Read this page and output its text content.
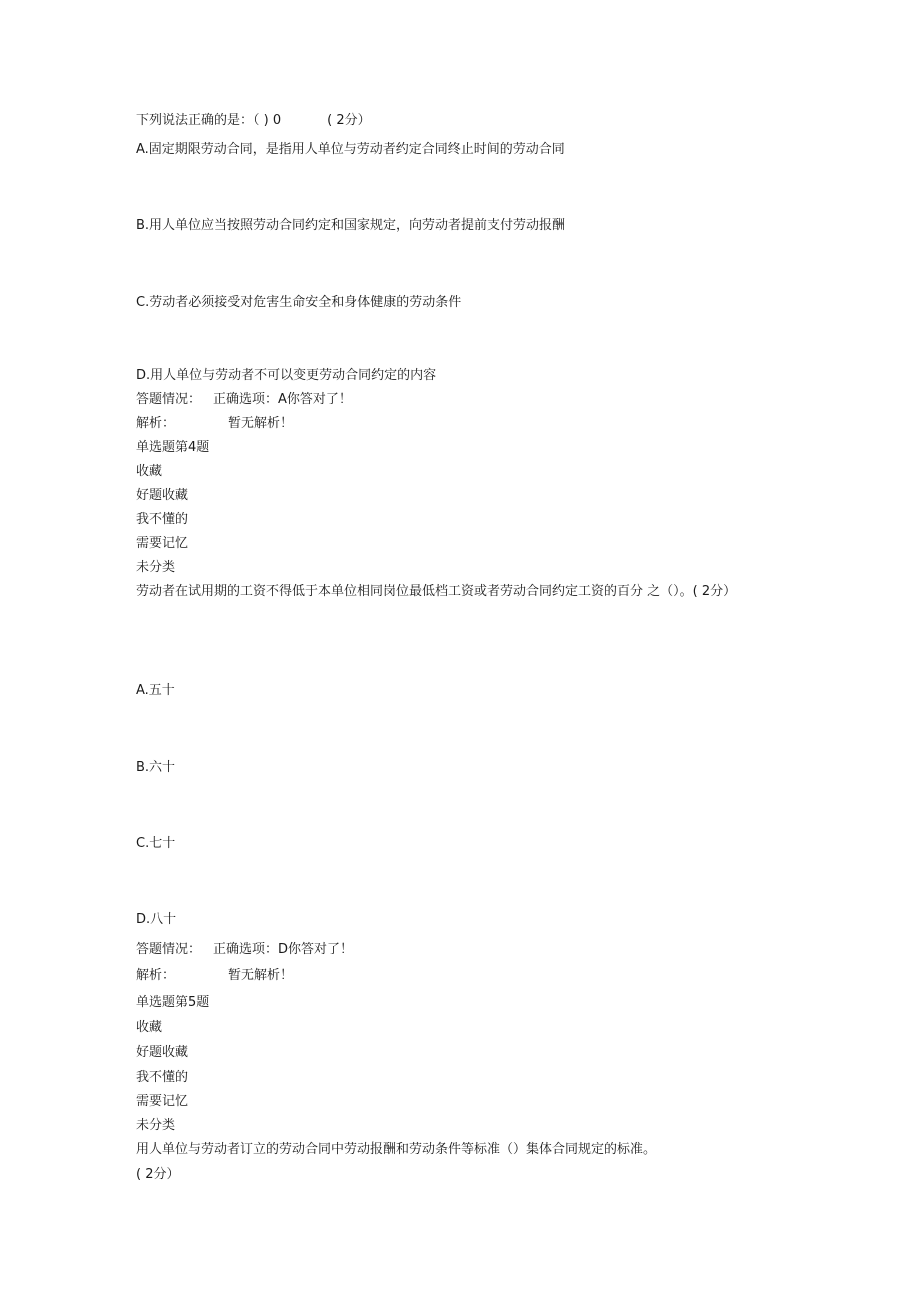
下列说法正确的是：（ ) 0	( 2分）
A.固定期限劳动合同，是指用人单位与劳动者约定合同终止时间的劳动合同
B.用人单位应当按照劳动合同约定和国家规定，向劳动者提前支付劳动报酬
C.劳动者必须接受对危害生命安全和身体健康的劳动条件
D.用人单位与劳动者不可以变更劳动合同约定的内容
答题情况： 正确选项：A你答对了！
解析：	暂无解析！
单选题第4题
收藏
好题收藏
我不懂的
需要记忆
未分类
劳动者在试用期的工资不得低于本单位相同岗位最低档工资或者劳动合同约定工资的百分 之（）。( 2分）
A.五十
B.六十
C.七十
D.八十
答题情况： 正确选项：D你答对了！
解析：	暂无解析！
单选题第5题
收藏
好题收藏
我不懂的
需要记忆
未分类
用人单位与劳动者订立的劳动合同中劳动报酬和劳动条件等标准（）集体合同规定的标准。
( 2分）
